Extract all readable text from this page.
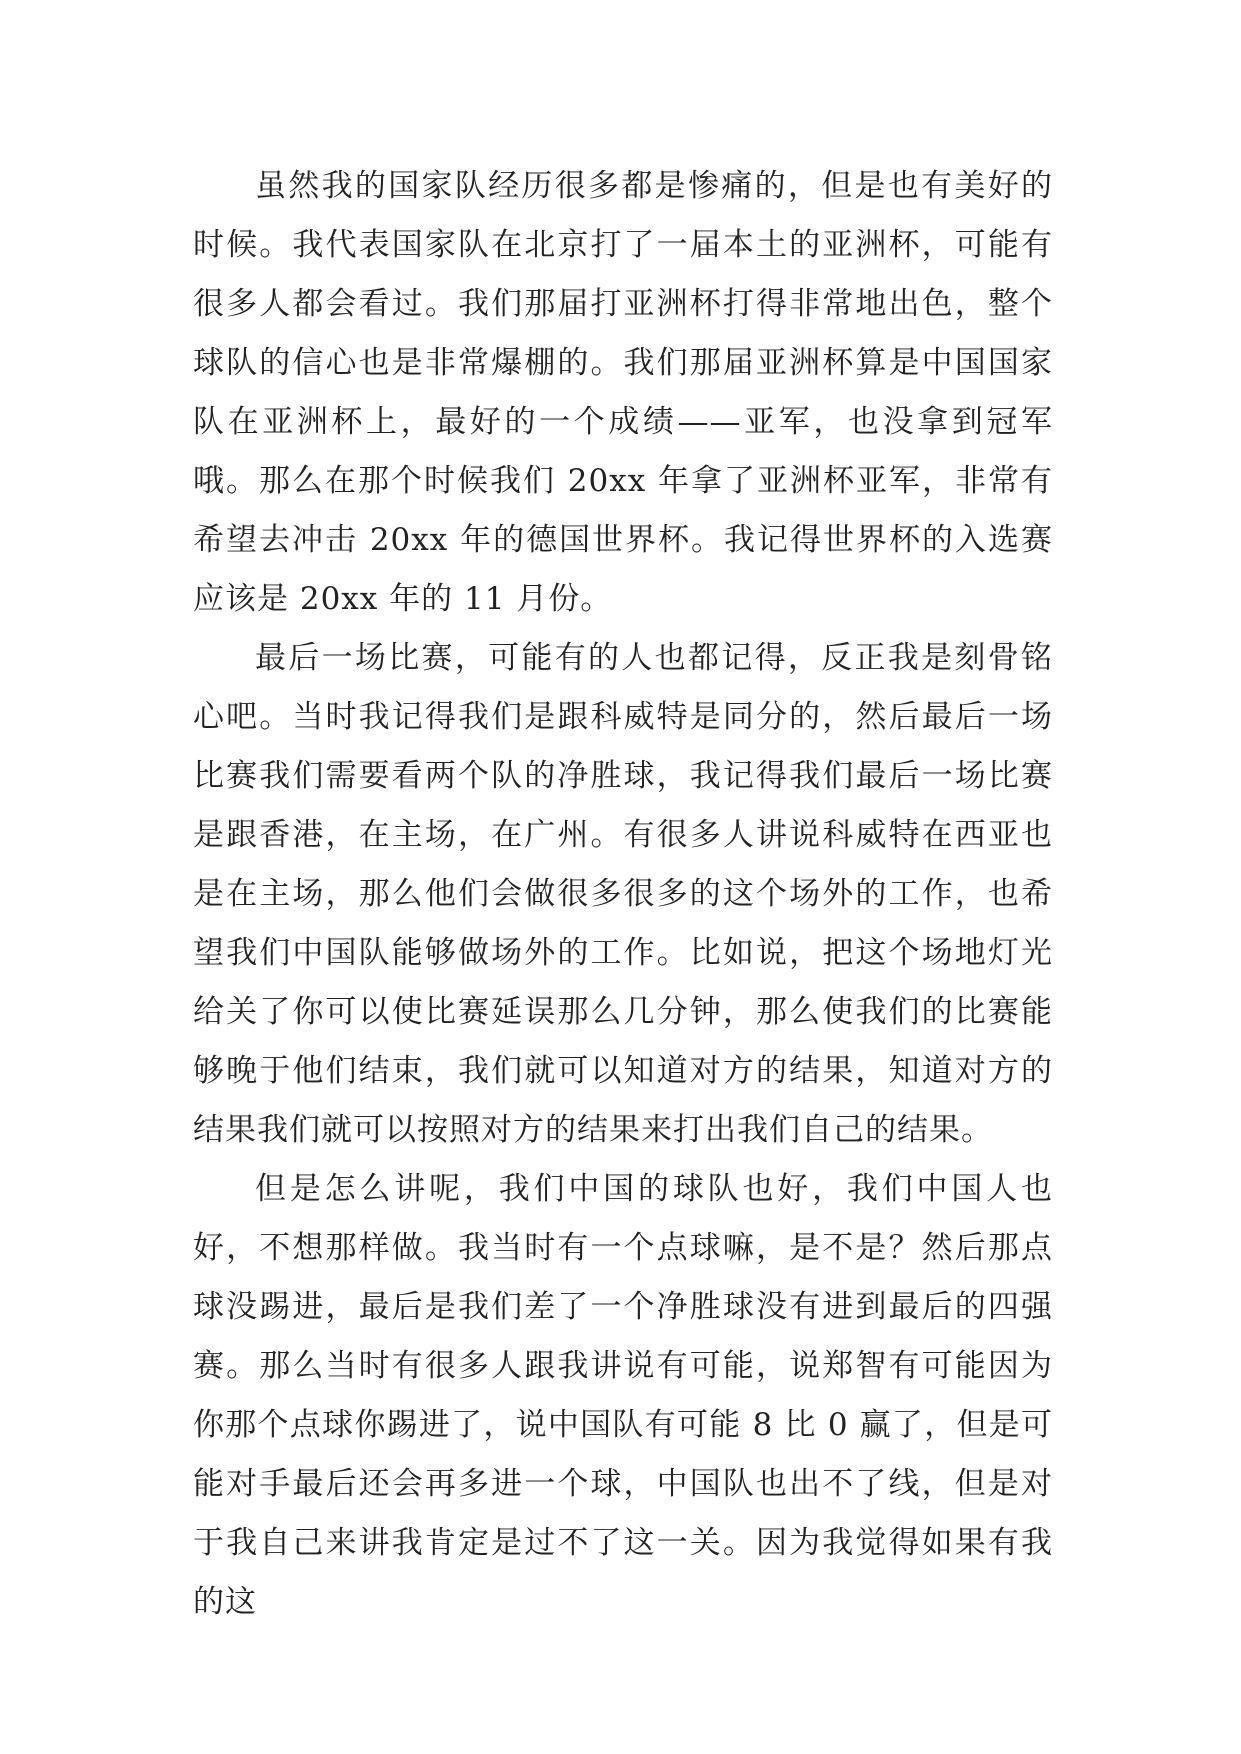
虽然我的国家队经历很多都是惨痛的，但是也有美好的时候。我代表国家队在北京打了一届本土的亚洲杯，可能有很多人都会看过。我们那届打亚洲杯打得非常地出色，整个球队的信心也是非常爆棚的。我们那届亚洲杯算是中国国家队在亚洲杯上，最好的一个成绩——亚军，也没拿到冠军哦。那么在那个时候我们 20xx 年拿了亚洲杯亚军，非常有希望去冲击 20xx 年的德国世界杯。我记得世界杯的入选赛应该是 20xx 年的 11 月份。

最后一场比赛，可能有的人也都记得，反正我是刻骨铭心吧。当时我记得我们是跟科威特是同分的，然后最后一场比赛我们需要看两个队的净胜球，我记得我们最后一场比赛是跟香港，在主场，在广州。有很多人讲说科威特在西亚也是在主场，那么他们会做很多很多的这个场外的工作，也希望我们中国队能够做场外的工作。比如说，把这个场地灯光给关了你可以使比赛延误那么几分钟，那么使我们的比赛能够晚于他们结束，我们就可以知道对方的结果，知道对方的结果我们就可以按照对方的结果来打出我们自己的结果。

但是怎么讲呢，我们中国的球队也好，我们中国人也好，不想那样做。我当时有一个点球嘛，是不是？然后那点球没踢进，最后是我们差了一个净胜球没有进到最后的四强赛。那么当时有很多人跟我讲说有可能，说郑智有可能因为你那个点球你踢进了，说中国队有可能 8 比 0 赢了，但是可能对手最后还会再多进一个球，中国队也出不了线，但是对于我自己来讲我肯定是过不了这一关。因为我觉得如果有我的这
